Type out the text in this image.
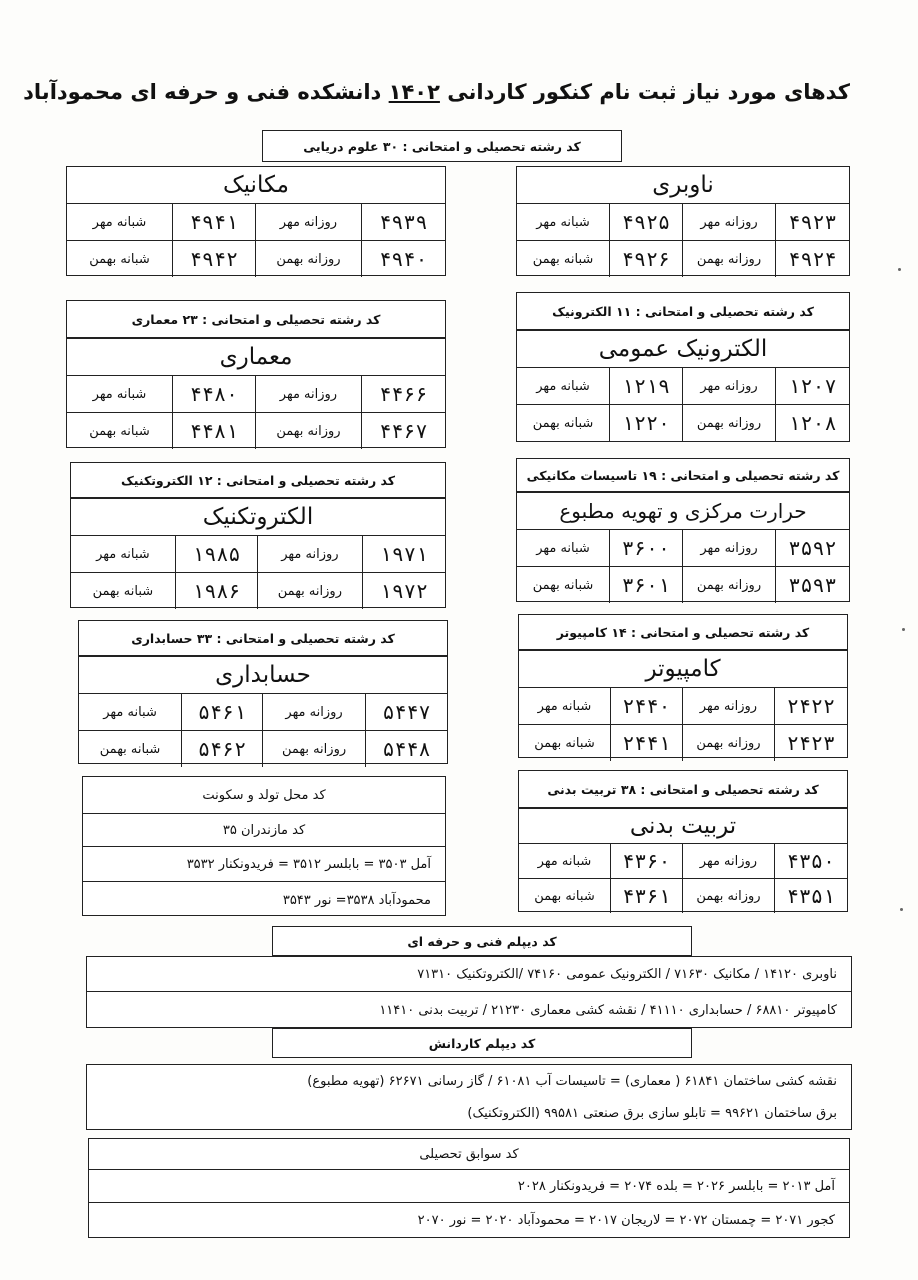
کدهای مورد نیاز ثبت نام کنکور کاردانی ۱۴۰۲ دانشکده فنی و حرفه ای محمودآباد
کد رشته تحصیلی و امتحانی : ۳۰ علوم دریایی
ناوبری
۴۹۲۳
روزانه مهر
۴۹۲۵
شبانه مهر
۴۹۲۴
روزانه بهمن
۴۹۲۶
شبانه بهمن
مکانیک
۴۹۳۹
روزانه مهر
۴۹۴۱
شبانه مهر
۴۹۴۰
روزانه بهمن
۴۹۴۲
شبانه بهمن
کد رشته تحصیلی و امتحانی : ۱۱ الکترونیک
الکترونیک عمومی
۱۲۰۷
روزانه مهر
۱۲۱۹
شبانه مهر
۱۲۰۸
روزانه بهمن
۱۲۲۰
شبانه بهمن
کد رشته تحصیلی و امتحانی : ۲۳ معماری
معماری
۴۴۶۶
روزانه مهر
۴۴۸۰
شبانه مهر
۴۴۶۷
روزانه بهمن
۴۴۸۱
شبانه بهمن
کد رشته تحصیلی و امتحانی : ۱۹ تاسیسات مکانیکی
حرارت مرکزی و تهویه مطبوع
۳۵۹۲
روزانه مهر
۳۶۰۰
شبانه مهر
۳۵۹۳
روزانه بهمن
۳۶۰۱
شبانه بهمن
کد رشته تحصیلی و امتحانی : ۱۲ الکتروتکنیک
الکتروتکنیک
۱۹۷۱
روزانه مهر
۱۹۸۵
شبانه مهر
۱۹۷۲
روزانه بهمن
۱۹۸۶
شبانه بهمن
کد رشته تحصیلی و امتحانی : ۱۴ کامپیوتر
کامپیوتر
۲۴۲۲
روزانه مهر
۲۴۴۰
شبانه مهر
۲۴۲۳
روزانه بهمن
۲۴۴۱
شبانه بهمن
کد رشته تحصیلی و امتحانی : ۳۳ حسابداری
حسابداری
۵۴۴۷
روزانه مهر
۵۴۶۱
شبانه مهر
۵۴۴۸
روزانه بهمن
۵۴۶۲
شبانه بهمن
کد رشته تحصیلی و امتحانی : ۳۸ تربیت بدنی
تربیت بدنی
۴۳۵۰
روزانه مهر
۴۳۶۰
شبانه مهر
۴۳۵۱
روزانه بهمن
۴۳۶۱
شبانه بهمن
کد محل تولد و سکونت
کد مازندران ۳۵
آمل ۳۵۰۳ = بابلسر ۳۵۱۲ = فریدونکنار ۳۵۳۲
محمودآباد ۳۵۳۸= نور ۳۵۴۳
کد دیپلم فنی و حرفه ای
ناوبری ۱۴۱۲۰ / مکانیک ۷۱۶۳۰ / الکترونیک عمومی ۷۴۱۶۰ /الکتروتکنیک ۷۱۳۱۰
کامپیوتر ۶۸۸۱۰ / حسابداری ۴۱۱۱۰ / نقشه کشی معماری ۲۱۲۳۰ / تربیت بدنی ۱۱۴۱۰
کد دیپلم کاردانش
نقشه کشی ساختمان ۶۱۸۴۱ ( معماری) = تاسیسات آب ۶۱۰۸۱ / گاز رسانی ۶۲۶۷۱ (تهویه مطبوع)
برق ساختمان ۹۹۶۲۱ = تابلو سازی برق صنعتی ۹۹۵۸۱ (الکتروتکنیک)
کد سوابق تحصیلی
آمل ۲۰۱۳ = بابلسر ۲۰۲۶ = بلده ۲۰۷۴ = فریدونکنار ۲۰۲۸
کجور ۲۰۷۱ = چمستان ۲۰۷۲ = لاریجان ۲۰۱۷ = محمودآباد ۲۰۲۰ = نور ۲۰۷۰
